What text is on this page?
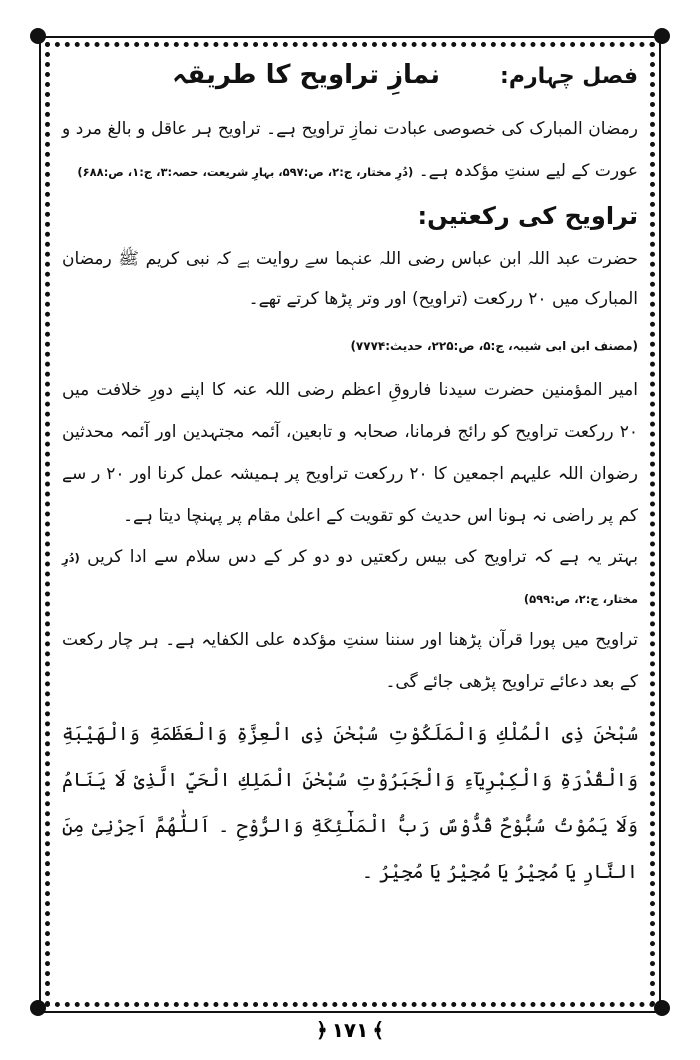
فصل چہارم:
نمازِ تراویح کا طریقہ

رمضان المبارک کی خصوصی عبادت نمازِ تراویح ہے۔ تراویح ہر عاقل و بالغ مرد و عورت کے لیے سنتِ مؤکدہ ہے۔ (دُرِ مختار، ج:۲، ص:۵۹۷، بہارِ شریعت، حصہ:۳، ج:۱، ص:۶۸۸)

تراویح کی رکعتیں:

حضرت عبد اللہ ابن عباس رضی اللہ عنہما سے روایت ہے کہ نبی کریم ﷺ رمضان المبارک میں ۲۰ ررکعت (تراویح) اور وتر پڑھا کرتے تھے۔

(مصنف ابن ابی شیبہ، ج:۵، ص:۲۲۵، حدیث:۷۷۷۴)

امیر المؤمنین حضرت سیدنا فاروقِ اعظم رضی اللہ عنہ کا اپنے دورِ خلافت میں ۲۰ ررکعت تراویح کو رائج فرمانا، صحابہ و تابعین، آئمہ مجتہدین اور آئمہ محدثین رضوان اللہ علیہم اجمعین کا ۲۰ ررکعت تراویح پر ہمیشہ عمل کرنا اور ۲۰ ر سے کم پر راضی نہ ہونا اس حدیث کو تقویت کے اعلیٰ مقام پر پہنچا دیتا ہے۔

بہتر یہ ہے کہ تراویح کی بیس رکعتیں دو دو کر کے دس سلام سے ادا کریں (دُرِ مختار، ج:۲، ص:۵۹۹)

تراویح میں پورا قرآن پڑھنا اور سننا سنتِ مؤکدہ علی الکفایہ ہے۔ ہر چار رکعت کے بعد دعائے تراویح پڑھی جائے گی۔

سُبْحٰنَ ذِی الْمُلْكِ وَالْمَلَكُوْتِ سُبْحٰنَ ذِی الْعِزَّةِ وَالْعَظَمَةِ وَالْهَيْبَةِ وَالْقُدْرَةِ وَالْكِبْرِيَآءِ وَالْجَبَرُوْتِ سُبْحٰنَ الْمَلِكِ الْحَيِّ الَّذِیْ لَا يَنَامُ وَلَا يَمُوْتُ سُبُّوْحٌ قُدُّوْسٌ رَبُّ الْمَلٰٓئِكَةِ وَالرُّوْحِ ۔ اَللّٰهُمَّ اَجِرْنِیْ مِنَ النَّارِ يَا مُجِيْرُ يَا مُجِيْرُ يَا مُجِيْرُ ۔

﴿ ۱۷۱ ﴾
